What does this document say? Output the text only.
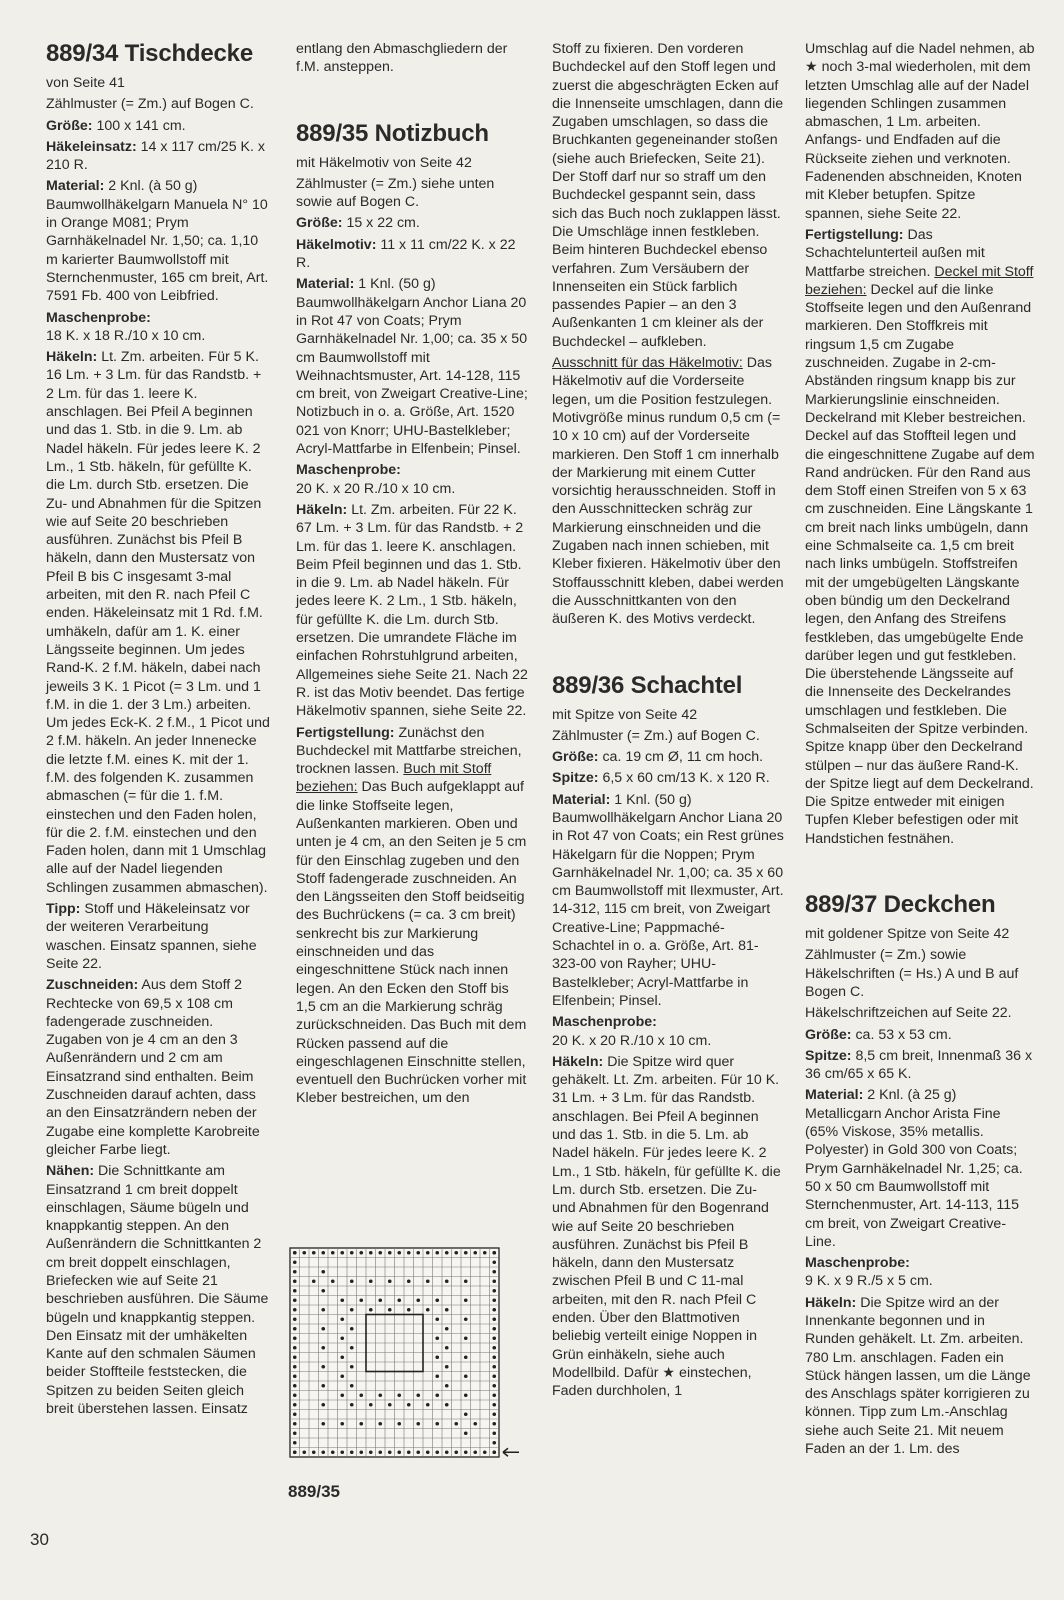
889/34 Tischdecke

von Seite 41

Zählmuster (= Zm.) auf Bogen C.

Größe: 100 x 141 cm.

Häkeleinsatz: 14 x 117 cm/25 K. x 210 R.

Material: 2 Knl. (à 50 g) Baumwollhäkelgarn Manuela N° 10 in Orange M081; Prym Garnhäkelnadel Nr. 1,50; ca. 1,10 m karierter Baumwollstoff mit Sternchenmuster, 165 cm breit, Art. 7591 Fb. 400 von Leibfried.

Maschenprobe:
18 K. x 18 R./10 x 10 cm.

Häkeln: Lt. Zm. arbeiten. Für 5 K. 16 Lm. + 3 Lm. für das Randstb. + 2 Lm. für das 1. leere K. anschlagen. Bei Pfeil A beginnen und das 1. Stb. in die 9. Lm. ab Nadel häkeln. Für jedes leere K. 2 Lm., 1 Stb. häkeln, für gefüllte K. die Lm. durch Stb. ersetzen. Die Zu- und Abnahmen für die Spitzen wie auf Seite 20 beschrieben ausführen. Zunächst bis Pfeil B häkeln, dann den Mustersatz von Pfeil B bis C insgesamt 3-mal arbeiten, mit den R. nach Pfeil C enden. Häkeleinsatz mit 1 Rd. f.M. umhäkeln, dafür am 1. K. einer Längsseite beginnen. Um jedes Rand-K. 2 f.M. häkeln, dabei nach jeweils 3 K. 1 Picot (= 3 Lm. und 1 f.M. in die 1. der 3 Lm.) arbeiten. Um jedes Eck-K. 2 f.M., 1 Picot und 2 f.M. häkeln. An jeder Innenecke die letzte f.M. eines K. mit der 1. f.M. des folgenden K. zusammen abmaschen (= für die 1. f.M. einstechen und den Faden holen, für die 2. f.M. einstechen und den Faden holen, dann mit 1 Umschlag alle auf der Nadel liegenden Schlingen zusammen abmaschen).

Tipp: Stoff und Häkeleinsatz vor der weiteren Verarbeitung waschen. Einsatz spannen, siehe Seite 22.

Zuschneiden: Aus dem Stoff 2 Rechtecke von 69,5 x 108 cm fadengerade zuschneiden. Zugaben von je 4 cm an den 3 Außenrändern und 2 cm am Einsatzrand sind enthalten. Beim Zuschneiden darauf achten, dass an den Einsatzrändern neben der Zugabe eine komplette Karobreite gleicher Farbe liegt.

Nähen: Die Schnittkante am Einsatzrand 1 cm breit doppelt einschlagen, Säume bügeln und knappkantig steppen. An den Außenrändern die Schnittkanten 2 cm breit doppelt einschlagen, Briefecken wie auf Seite 21 beschrieben ausführen. Die Säume bügeln und knappkantig steppen. Den Einsatz mit der umhäkelten Kante auf den schmalen Säumen beider Stoffteile feststecken, die Spitzen zu beiden Seiten gleich breit überstehen lassen. Einsatz

entlang den Abmaschgliedern der f.M. ansteppen.

889/35 Notizbuch

mit Häkelmotiv von Seite 42

Zählmuster (= Zm.) siehe unten sowie auf Bogen C.

Größe: 15 x 22 cm.

Häkelmotiv: 11 x 11 cm/22 K. x 22 R.

Material: 1 Knl. (50 g) Baumwollhäkelgarn Anchor Liana 20 in Rot 47 von Coats; Prym Garnhäkelnadel Nr. 1,00; ca. 35 x 50 cm Baumwollstoff mit Weihnachtsmuster, Art. 14-128, 115 cm breit, von Zweigart Creative-Line; Notizbuch in o. a. Größe, Art. 1520 021 von Knorr; UHU-Bastelkleber; Acryl-Mattfarbe in Elfenbein; Pinsel.

Maschenprobe:
20 K. x 20 R./10 x 10 cm.

Häkeln: Lt. Zm. arbeiten. Für 22 K. 67 Lm. + 3 Lm. für das Randstb. + 2 Lm. für das 1. leere K. anschlagen. Beim Pfeil beginnen und das 1. Stb. in die 9. Lm. ab Nadel häkeln. Für jedes leere K. 2 Lm., 1 Stb. häkeln, für gefüllte K. die Lm. durch Stb. ersetzen. Die umrandete Fläche im einfachen Rohrstuhlgrund arbeiten, Allgemeines siehe Seite 21. Nach 22 R. ist das Motiv beendet. Das fertige Häkelmotiv spannen, siehe Seite 22.

Fertigstellung: Zunächst den Buchdeckel mit Mattfarbe streichen, trocknen lassen. Buch mit Stoff beziehen: Das Buch aufgeklappt auf die linke Stoffseite legen, Außenkanten markieren. Oben und unten je 4 cm, an den Seiten je 5 cm für den Einschlag zugeben und den Stoff fadengerade zuschneiden. An den Längsseiten den Stoff beidseitig des Buchrückens (= ca. 3 cm breit) senkrecht bis zur Markierung einschneiden und das eingeschnittene Stück nach innen legen. An den Ecken den Stoff bis 1,5 cm an die Markierung schräg zurückschneiden. Das Buch mit dem Rücken passend auf die eingeschlagenen Einschnitte stellen, eventuell den Buchrücken vorher mit Kleber bestreichen, um den

Stoff zu fixieren. Den vorderen Buchdeckel auf den Stoff legen und zuerst die abgeschrägten Ecken auf die Innenseite umschlagen, dann die Zugaben umschlagen, so dass die Bruchkanten gegeneinander stoßen (siehe auch Briefecken, Seite 21). Der Stoff darf nur so straff um den Buchdeckel gespannt sein, dass sich das Buch noch zuklappen lässt. Die Umschläge innen festkleben. Beim hinteren Buchdeckel ebenso verfahren. Zum Versäubern der Innenseiten ein Stück farblich passendes Papier – an den 3 Außenkanten 1 cm kleiner als der Buchdeckel – aufkleben.

Ausschnitt für das Häkelmotiv: Das Häkelmotiv auf die Vorderseite legen, um die Position festzulegen. Motivgröße minus rundum 0,5 cm (= 10 x 10 cm) auf der Vorderseite markieren. Den Stoff 1 cm innerhalb der Markierung mit einem Cutter vorsichtig herausschneiden. Stoff in den Ausschnittecken schräg zur Markierung einschneiden und die Zugaben nach innen schieben, mit Kleber fixieren. Häkelmotiv über den Stoffausschnitt kleben, dabei werden die Ausschnittkanten von den äußeren K. des Motivs verdeckt.

889/36 Schachtel

mit Spitze von Seite 42

Zählmuster (= Zm.) auf Bogen C.

Größe: ca. 19 cm Ø, 11 cm hoch.

Spitze: 6,5 x 60 cm/13 K. x 120 R.

Material: 1 Knl. (50 g) Baumwollhäkelgarn Anchor Liana 20 in Rot 47 von Coats; ein Rest grünes Häkelgarn für die Noppen; Prym Garnhäkelnadel Nr. 1,00; ca. 35 x 60 cm Baumwollstoff mit Ilexmuster, Art. 14-312, 115 cm breit, von Zweigart Creative-Line; Pappmaché-Schachtel in o. a. Größe, Art. 81-323-00 von Rayher; UHU-Bastelkleber; Acryl-Mattfarbe in Elfenbein; Pinsel.

Maschenprobe:
20 K. x 20 R./10 x 10 cm.

Häkeln: Die Spitze wird quer gehäkelt. Lt. Zm. arbeiten. Für 10 K. 31 Lm. + 3 Lm. für das Randstb. anschlagen. Bei Pfeil A beginnen und das 1. Stb. in die 5. Lm. ab Nadel häkeln. Für jedes leere K. 2 Lm., 1 Stb. häkeln, für gefüllte K. die Lm. durch Stb. ersetzen. Die Zu- und Abnahmen für den Bogenrand wie auf Seite 20 beschrieben ausführen. Zunächst bis Pfeil B häkeln, dann den Mustersatz zwischen Pfeil B und C 11-mal arbeiten, mit den R. nach Pfeil C enden. Über den Blattmotiven beliebig verteilt einige Noppen in Grün einhäkeln, siehe auch Modellbild. Dafür ★ einstechen, Faden durchholen, 1

Umschlag auf die Nadel nehmen, ab ★ noch 3-mal wiederholen, mit dem letzten Umschlag alle auf der Nadel liegenden Schlingen zusammen abmaschen, 1 Lm. arbeiten. Anfangs- und Endfaden auf die Rückseite ziehen und verknoten. Fadenenden abschneiden, Knoten mit Kleber betupfen. Spitze spannen, siehe Seite 22.

Fertigstellung: Das Schachtelunterteil außen mit Mattfarbe streichen. Deckel mit Stoff beziehen: Deckel auf die linke Stoffseite legen und den Außenrand markieren. Den Stoffkreis mit ringsum 1,5 cm Zugabe zuschneiden. Zugabe in 2-cm-Abständen ringsum knapp bis zur Markierungslinie einschneiden. Deckelrand mit Kleber bestreichen. Deckel auf das Stoffteil legen und die eingeschnittene Zugabe auf dem Rand andrücken. Für den Rand aus dem Stoff einen Streifen von 5 x 63 cm zuschneiden. Eine Längskante 1 cm breit nach links umbügeln, dann eine Schmalseite ca. 1,5 cm breit nach links umbügeln. Stoffstreifen mit der umgebügelten Längskante oben bündig um den Deckelrand legen, den Anfang des Streifens festkleben, das umgebügelte Ende darüber legen und gut festkleben. Die überstehende Längsseite auf die Innenseite des Deckelrandes umschlagen und festkleben. Die Schmalseiten der Spitze verbinden. Spitze knapp über den Deckelrand stülpen – nur das äußere Rand-K. der Spitze liegt auf dem Deckelrand. Die Spitze entweder mit einigen Tupfen Kleber befestigen oder mit Handstichen festnähen.

889/37 Deckchen

mit goldener Spitze von Seite 42

Zählmuster (= Zm.) sowie Häkelschriften (= Hs.) A und B auf Bogen C.

Häkelschriftzeichen auf Seite 22.

Größe: ca. 53 x 53 cm.

Spitze: 8,5 cm breit, Innenmaß 36 x 36 cm/65 x 65 K.

Material: 2 Knl. (à 25 g) Metallicgarn Anchor Arista Fine (65% Viskose, 35% metallis. Polyester) in Gold 300 von Coats; Prym Garnhäkelnadel Nr. 1,25; ca. 50 x 50 cm Baumwollstoff mit Sternchenmuster, Art. 14-113, 115 cm breit, von Zweigart Creative-Line.

Maschenprobe:
9 K. x 9 R./5 x 5 cm.

Häkeln: Die Spitze wird an der Innenkante begonnen und in Runden gehäkelt. Lt. Zm. arbeiten. 780 Lm. anschlagen. Faden ein Stück hängen lassen, um die Länge des Anschlags später korrigieren zu können. Tipp zum Lm.-Anschlag siehe auch Seite 21. Mit neuem Faden an der 1. Lm. des

889/35
30
